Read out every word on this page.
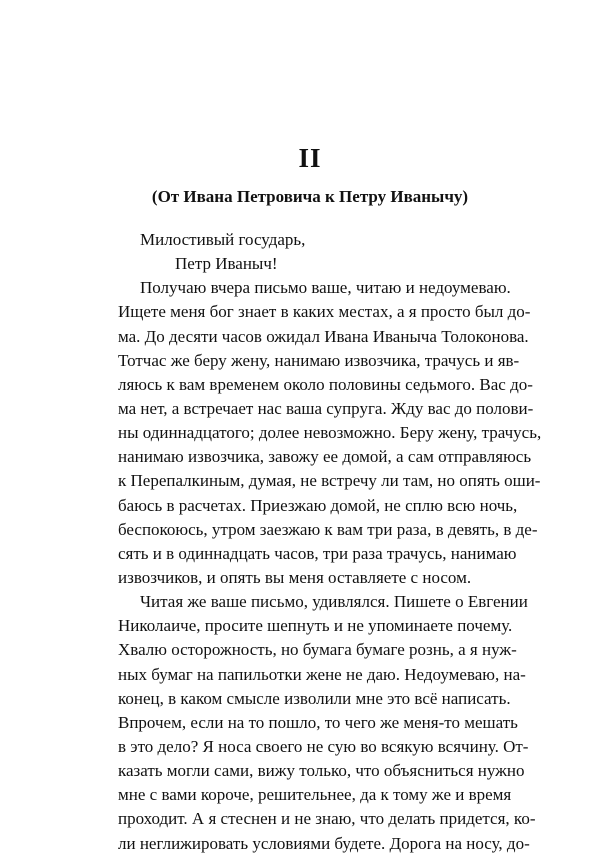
II
(От Ивана Петровича к Петру Иванычу)
Милостивый государь,
Петр Иваныч!
Получаю вчера письмо ваше, читаю и недоумеваю.
Ищете меня бог знает в каких местах, а я просто был до-
ма. До десяти часов ожидал Ивана Иваныча Толоконова.
Тотчас же беру жену, нанимаю извозчика, трачусь и яв-
ляюсь к вам временем около половины седьмого. Вас до-
ма нет, а встречает нас ваша супруга. Жду вас до полови-
ны одиннадцатого; долее невозможно. Беру жену, трачусь,
нанимаю извозчика, завожу ее домой, а сам отправляюсь
к Перепалкиным, думая, не встречу ли там, но опять оши-
баюсь в расчетах. Приезжаю домой, не сплю всю ночь,
беспокоюсь, утром заезжаю к вам три раза, в девять, в де-
сять и в одиннадцать часов, три раза трачусь, нанимаю
извозчиков, и опять вы меня оставляете с носом.
Читая же ваше письмо, удивлялся. Пишете о Евгении
Николаиче, просите шепнуть и не упоминаете почему.
Хвалю осторожность, но бумага бумаге рознь, а я нуж-
ных бумаг на папильотки жене не даю. Недоумеваю, на-
конец, в каком смысле изволили мне это всё написать.
Впрочем, если на то пошло, то чего же меня-то мешать
в это дело? Я носа своего не сую во всякую всячину. От-
казать могли сами, вижу только, что объясниться нужно
мне с вами короче, решительнее, да к тому же и время
проходит. А я стеснен и не знаю, что делать придется, ко-
ли неглижировать условиями будете. Дорога на носу, до-
